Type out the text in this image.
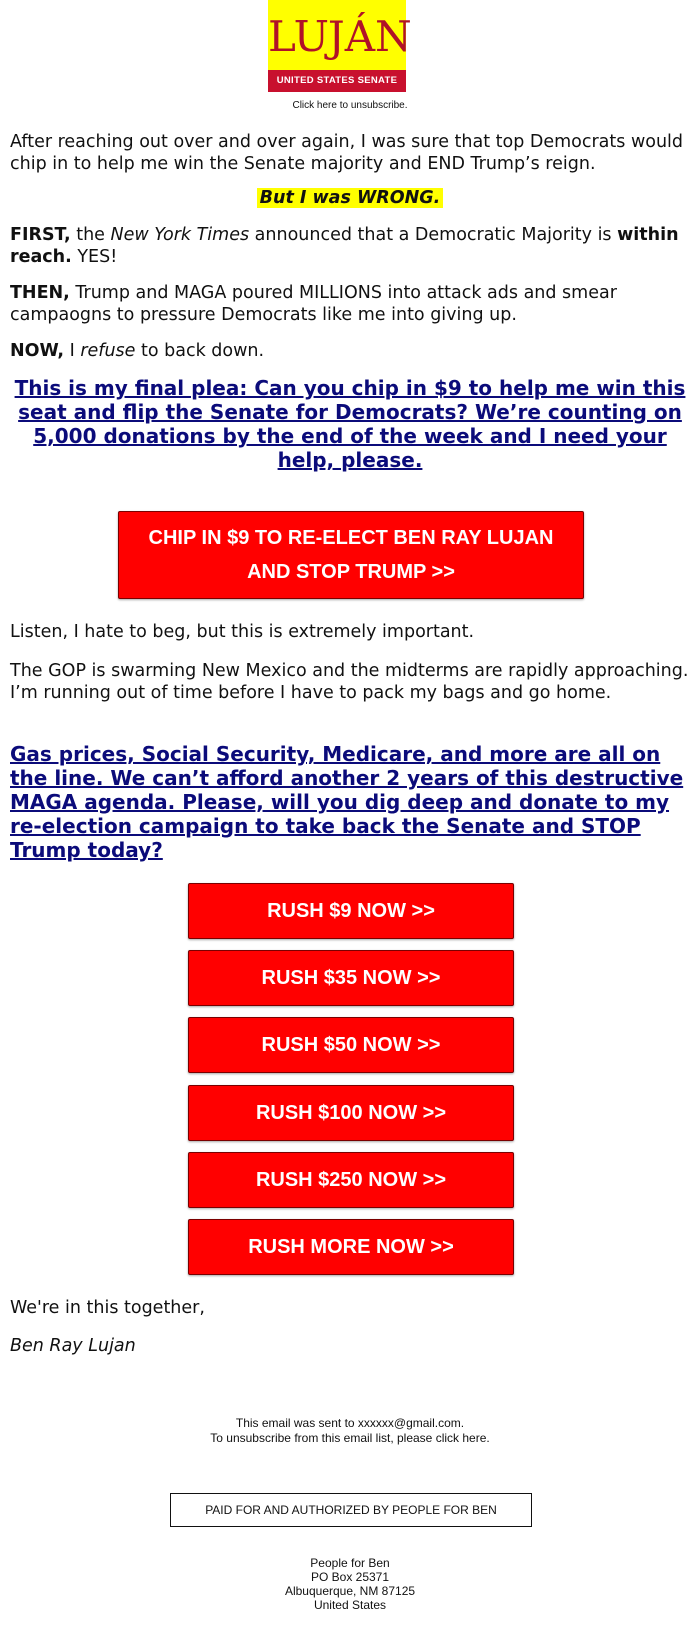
LUJÁN
UNITED STATES SENATE
Click here to unsubscribe.

After reaching out over and over again, I was sure that top Democrats would chip in to help me win the Senate majority and END Trump’s reign.

But I was WRONG.

FIRST, the New York Times announced that a Democratic Majority is within reach. YES!

THEN, Trump and MAGA poured MILLIONS into attack ads and smear campaogns to pressure Democrats like me into giving up.

NOW, I refuse to back down.

This is my final plea: Can you chip in $9 to help me win this seat and flip the Senate for Democrats? We’re counting on 5,000 donations by the end of the week and I need your help, please.
CHIP IN $9 TO RE-ELECT BEN RAY LUJAN AND STOP TRUMP >>

Listen, I hate to beg, but this is extremely important.

The GOP is swarming New Mexico and the midterms are rapidly approaching. I’m running out of time before I have to pack my bags and go home.

Gas prices, Social Security, Medicare, and more are all on the line. We can’t afford another 2 years of this destructive MAGA agenda. Please, will you dig deep and donate to my re-election campaign to take back the Senate and STOP Trump today?
RUSH $9 NOW >>
RUSH $35 NOW >>
RUSH $50 NOW >>
RUSH $100 NOW >>
RUSH $250 NOW >>
RUSH MORE NOW >>

We're in this together,

Ben Ray Lujan

This email was sent to xxxxxx@gmail.com.
To unsubscribe from this email list, please click here.
PAID FOR AND AUTHORIZED BY PEOPLE FOR BEN
People for Ben
PO Box 25371
Albuquerque, NM 87125
United States
